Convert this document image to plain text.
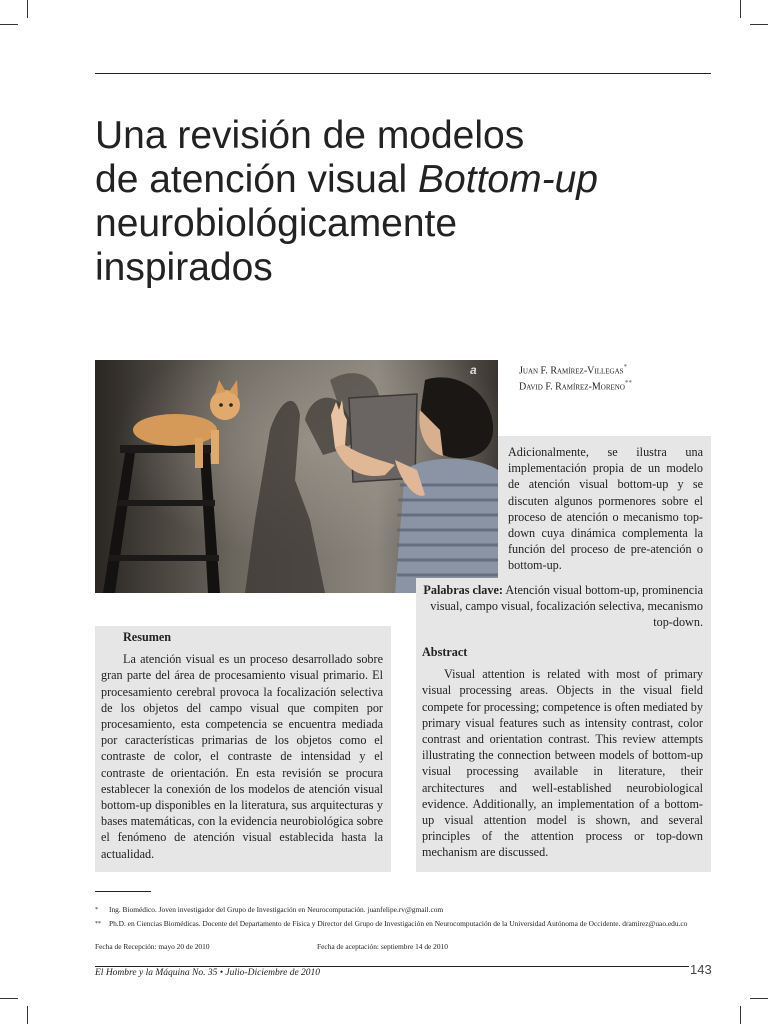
Una revisión de modelos
de atención visual Bottom-up
neurobiológicamente
inspirados
a	Juan F. Ramírez-Villegas*
David F. Ramírez-Moreno**

Adicionalmente, se ilustra una implementación propia de un modelo de atención visual bottom-up y se discuten algunos pormenores sobre el proceso de atención o mecanismo top-down cuya dinámica complementa la función del proceso de pre-atención o bottom-up.

Palabras clave: Atención visual bottom-up, prominencia visual, campo visual, focalización selectiva, mecanismo top-down.
Abstract

Visual attention is related with most of primary visual processing areas. Objects in the visual field compete for processing; competence is often mediated by primary visual features such as intensity contrast, color contrast and orientation contrast. This review attempts illustrating the connection between models of bottom-up visual processing available in literature, their architectures and well-established neurobiological evidence. Additionally, an implementation of a bottom-up visual attention model is shown, and several principles of the attention process or top-down mechanism are discussed.

Resumen

La atención visual es un proceso desarrollado sobre gran parte del área de procesamiento visual primario. El procesamiento cerebral provoca la focalización selectiva de los objetos del campo visual que compiten por procesamiento, esta competencia se encuentra mediada por características primarias de los objetos como el contraste de color, el contraste de intensidad y el contraste de orientación. En esta revisión se procura establecer la conexión de los modelos de atención visual bottom-up disponibles en la literatura, sus arquitecturas y bases matemáticas, con la evidencia neurobiológica sobre el fenómeno de atención visual establecida hasta la actualidad.

* Ing. Biomédico. Joven investigador del Grupo de Investigación en Neurocomputación. juanfelipe.rv@gmail.com
** Ph.D. en Ciencias Biomédicas. Docente del Departamento de Física y Director del Grupo de Investigación en Neurocomputación de la Universidad Autónoma de Occidente. dramirez@uao.edu.co
Fecha de Recepción: mayo 20 de 2010	Fecha de aceptación: septiembre 14 de 2010
El Hombre y la Máquina No. 35 • Julio-Diciembre de 2010	143
